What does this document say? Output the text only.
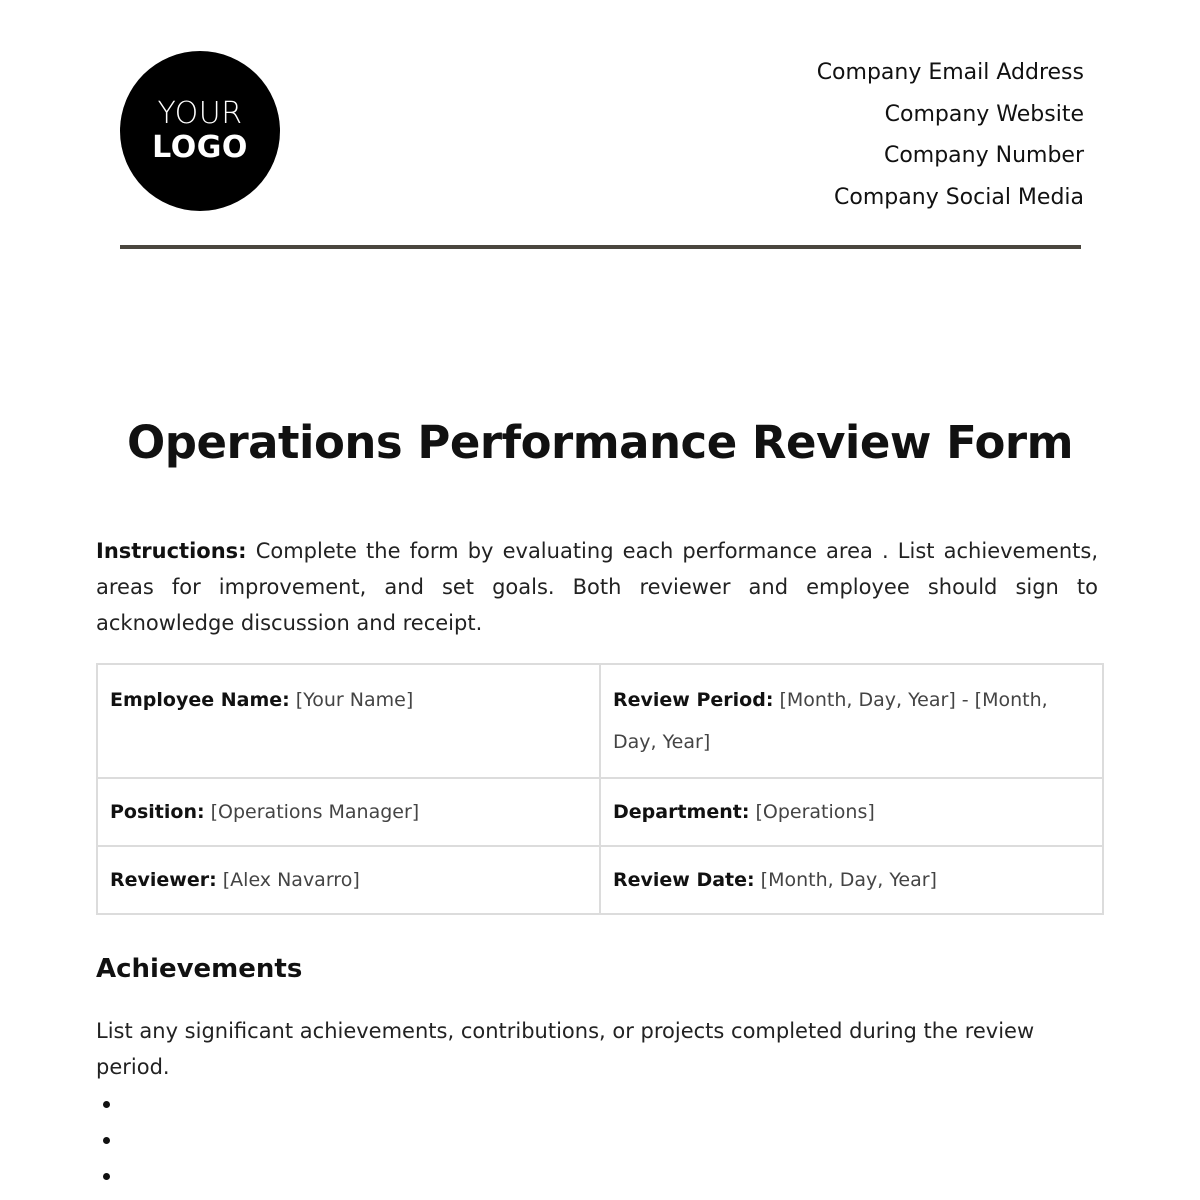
YOUR
LOGO
Company Email Address
Company Website
Company Number
Company Social Media
Operations Performance Review Form

Instructions: Complete the form by evaluating each performance area . List achievements, areas for improvement, and set goals. Both reviewer and employee should sign to acknowledge discussion and receipt.

Employee Name: [Your Name]	Review Period: [Month, Day, Year] - [Month, Day, Year]
Position: [Operations Manager]	Department: [Operations]
Reviewer: [Alex Navarro]	Review Date: [Month, Day, Year]
Achievements

List any significant achievements, contributions, or projects completed during the review period.
